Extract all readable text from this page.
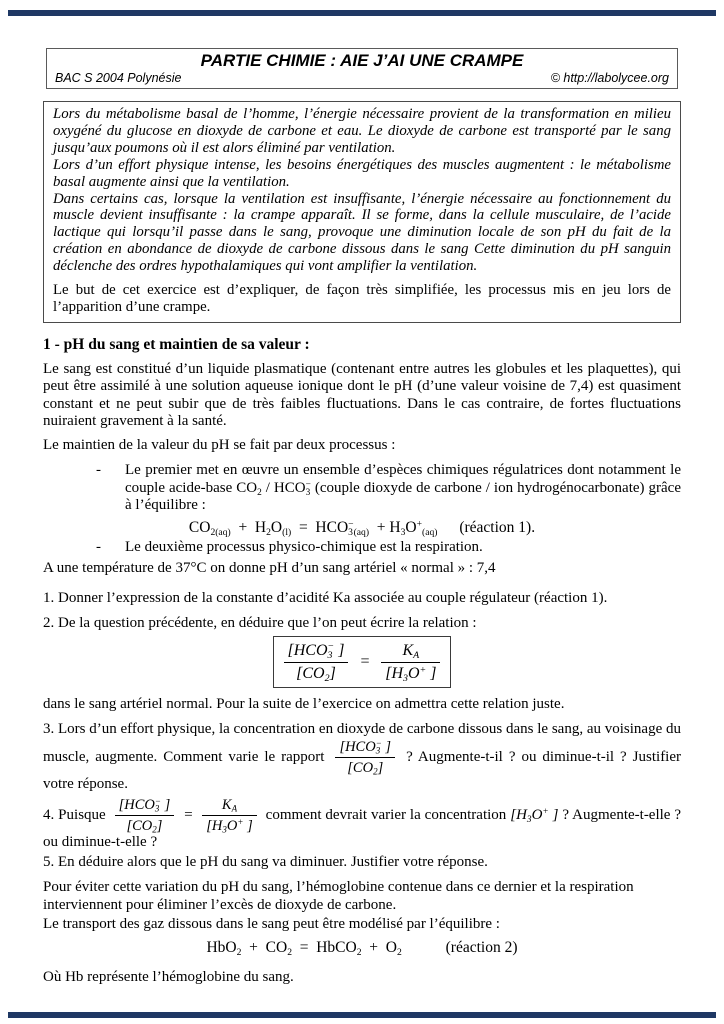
PARTIE CHIMIE : AIE J’AI UNE CRAMPE
BAC S 2004 Polynésie	© http://labolycee.org

Lors du métabolisme basal de l’homme, l’énergie nécessaire provient de la transformation en milieu oxygéné du glucose en dioxyde de carbone et eau. Le dioxyde de carbone est transporté par le sang jusqu’aux poumons où il est alors éliminé par ventilation.

Lors d’un effort physique intense, les besoins énergétiques des muscles augmentent : le métabolisme basal augmente ainsi que la ventilation.

Dans certains cas, lorsque la ventilation est insuffisante, l’énergie nécessaire au fonctionnement du muscle devient insuffisante : la crampe apparaît. Il se forme, dans la cellule musculaire, de l’acide lactique qui lorsqu’il passe dans le sang, provoque une diminution locale de son pH du fait de la création en abondance de dioxyde de carbone dissous dans le sang Cette diminution du pH sanguin déclenche des ordres hypothalamiques qui vont amplifier la ventilation.

Le but de cet exercice est d’expliquer, de façon très simplifiée, les processus mis en jeu lors de l’apparition d’une crampe.

1 - pH du sang et maintien de sa valeur :

Le sang est constitué d’un liquide plasmatique (contenant entre autres les globules et les plaquettes), qui peut être assimilé à une solution aqueuse ionique dont le pH (d’une valeur voisine de 7,4) est quasiment constant et ne peut subir que de très faibles fluctuations. Dans le cas contraire, de fortes fluctuations nuiraient gravement à la santé.

Le maintien de la valeur du pH se fait par deux processus :

-	Le premier met en œuvre un ensemble d’espèces chimiques régulatrices dont notamment le couple acide-base $CO_2 / HCO_3^-$ (couple dioxyde de carbone / ion hydrogénocarbonate) grâce à l’équilibre :
$CO_{2(aq)} + H_2O_{(l)} = HCO_3^-_{(aq)} + H_3O^+_{(aq)}$ (réaction 1).
-	Le deuxième processus physico-chimique est la respiration.

A une température de 37°C on donne pH d’un sang artériel « normal » : 7,4

1. Donner l’expression de la constante d’acidité Ka associée au couple régulateur (réaction 1).

2. De la question précédente, en déduire que l’on peut écrire la relation :

$\frac{[HCO_3^- ]}{[CO_2]} = \frac{K_A}{[H_3O^+ ]}$

dans le sang artériel normal. Pour la suite de l’exercice on admettra cette relation juste.

3. Lors d’un effort physique, la concentration en dioxyde de carbone dissous dans le sang, au voisinage du muscle, augmente. Comment varie le rapport $\frac{[HCO_3^- ]}{[CO_2]}$ ? Augmente-t-il ? ou diminue-t-il ? Justifier votre réponse.

4. Puisque $\frac{[HCO_3^- ]}{[CO_2]} = \frac{K_A}{[H_3O^+ ]}$ comment devrait varier la concentration [$H_3O^+$ ] ? Augmente-t-elle ? ou diminue-t-elle ?

5. En déduire alors que le pH du sang va diminuer. Justifier votre réponse.

Pour éviter cette variation du pH du sang, l’hémoglobine contenue dans ce dernier et la respiration interviennent pour éliminer l’excès de dioxyde de carbone.

Le transport des gaz dissous dans le sang peut être modélisé par l’équilibre :

$HbO_2 + CO_2$  =  HbCO$_2$  +  $O_2$	(réaction 2)

Où Hb représente l’hémoglobine du sang.
